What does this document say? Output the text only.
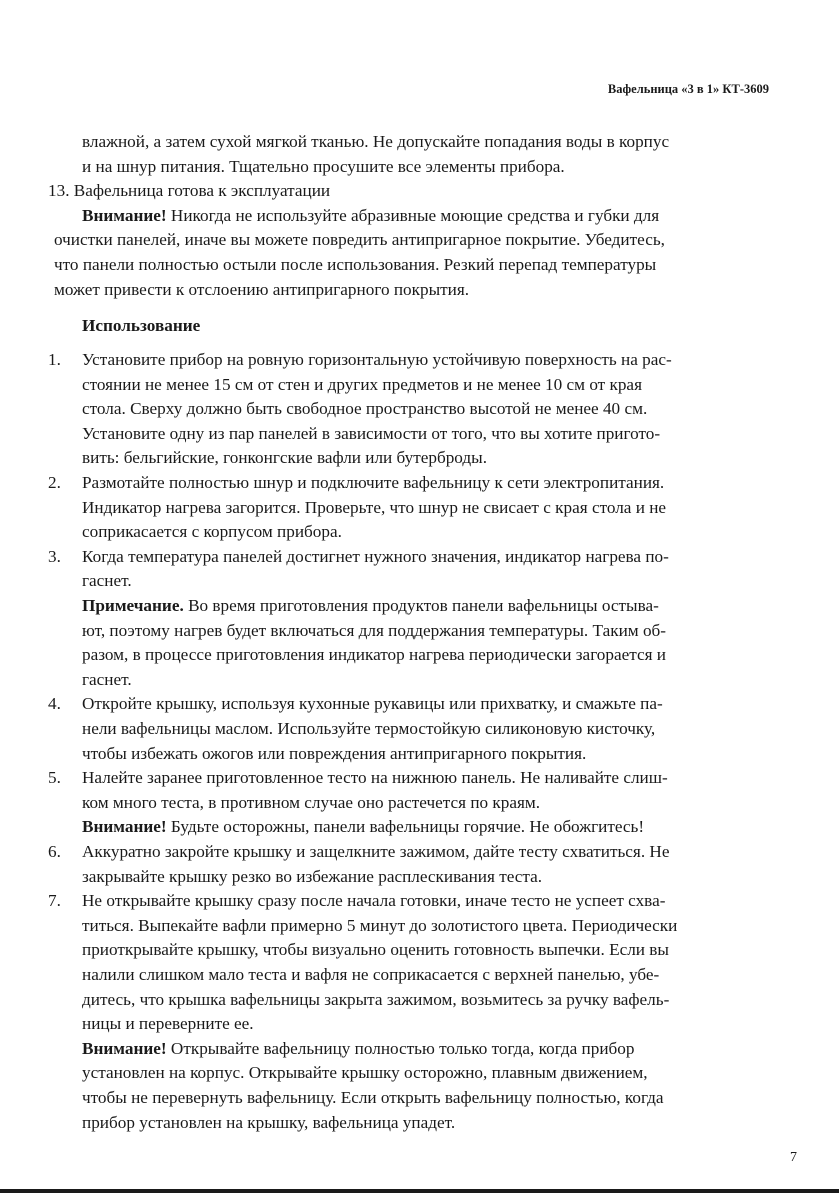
Вафельница «3 в 1» КТ-3609
влажной, а затем сухой мягкой тканью. Не допускайте попадания воды в корпус
и на шнур питания. Тщательно просушите все элементы прибора.
13. Вафельница готова к эксплуатации
Внимание! Никогда не используйте абразивные моющие средства и губки для
очистки панелей, иначе вы можете повредить антипригарное покрытие. Убедитесь,
что панели полностью остыли после использования. Резкий перепад температуры
может привести к отслоению антипригарного покрытия.
Использование
1. Установите прибор на ровную горизонтальную устойчивую поверхность на рас-
стоянии не менее 15 см от стен и других предметов и не менее 10 см от края
стола. Сверху должно быть свободное пространство высотой не менее 40 см.
Установите одну из пар панелей в зависимости от того, что вы хотите пригото-
вить: бельгийские, гонконгские вафли или бутерброды.
2. Размотайте полностью шнур и подключите вафельницу к сети электропитания.
Индикатор нагрева загорится. Проверьте, что шнур не свисает с края стола и не
соприкасается с корпусом прибора.
3. Когда температура панелей достигнет нужного значения, индикатор нагрева по-
гаснет.
Примечание. Во время приготовления продуктов панели вафельницы остыва-
ют, поэтому нагрев будет включаться для поддержания температуры. Таким об-
разом, в процессе приготовления индикатор нагрева периодически загорается и
гаснет.
4. Откройте крышку, используя кухонные рукавицы или прихватку, и смажьте па-
нели вафельницы маслом. Используйте термостойкую силиконовую кисточку,
чтобы избежать ожогов или повреждения антипригарного покрытия.
5. Налейте заранее приготовленное тесто на нижнюю панель. Не наливайте слиш-
ком много теста, в противном случае оно растечется по краям.
Внимание! Будьте осторожны, панели вафельницы горячие. Не обожгитесь!
6. Аккуратно закройте крышку и защелкните зажимом, дайте тесту схватиться. Не
закрывайте крышку резко во избежание расплескивания теста.
7. Не открывайте крышку сразу после начала готовки, иначе тесто не успеет схва-
титься. Выпекайте вафли примерно 5 минут до золотистого цвета. Периодически
приоткрывайте крышку, чтобы визуально оценить готовность выпечки. Если вы
налили слишком мало теста и вафля не соприкасается с верхней панелью, убе-
дитесь, что крышка вафельницы закрыта зажимом, возьмитесь за ручку вафель-
ницы и переверните ее.
Внимание! Открывайте вафельницу полностью только тогда, когда прибор
установлен на корпус. Открывайте крышку осторожно, плавным движением,
чтобы не перевернуть вафельницу. Если открыть вафельницу полностью, когда
прибор установлен на крышку, вафельница упадет.
7
